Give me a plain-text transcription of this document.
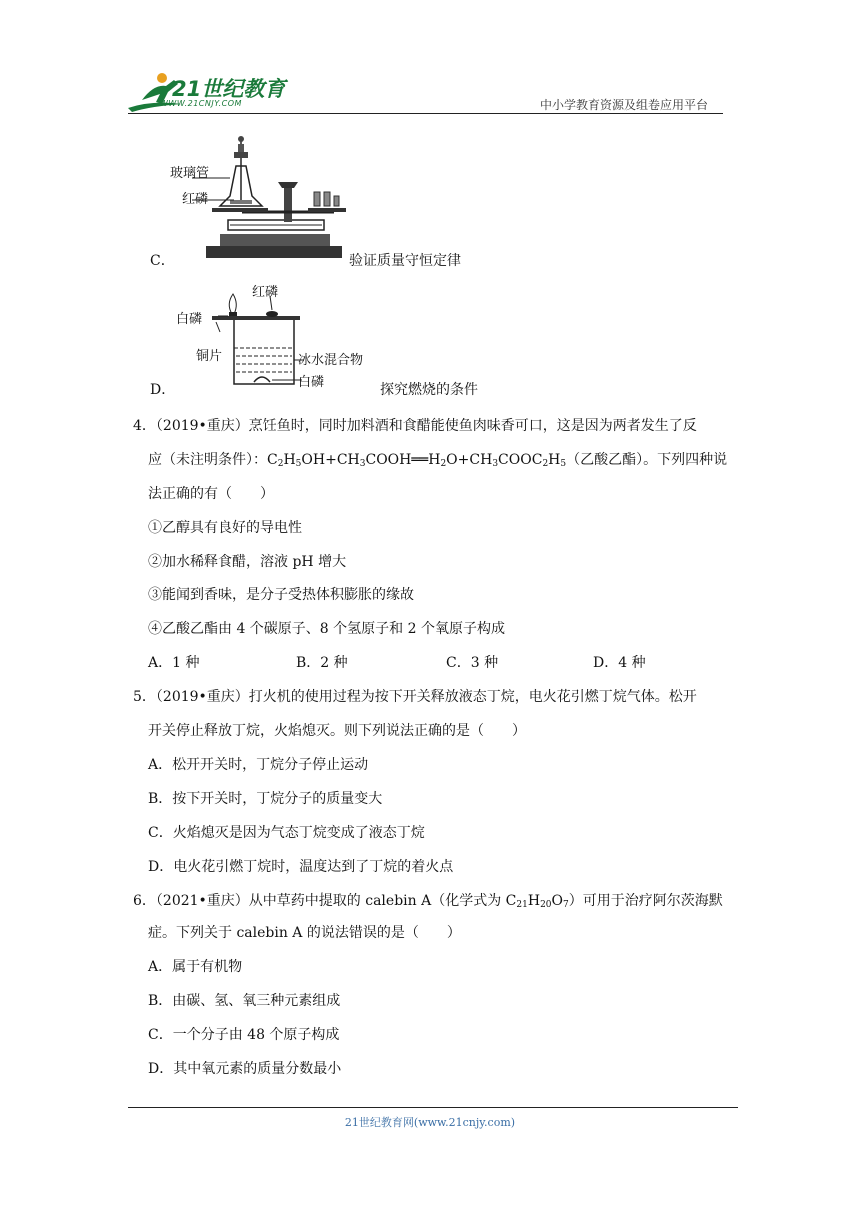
21世纪教育
WWW.21CNJY.COM	中小学教育资源及组卷应用平台
C．
玻璃管
红磷
验证质量守恒定律
D．
红磷
白磷
铜片	冰水混合物
白磷	探究燃烧的条件
4．（2019•重庆）烹饪鱼时，同时加料酒和食醋能使鱼肉味香可口，这是因为两者发生了反
应（未注明条件）：$C_2H_5OH+CH_3COOH══H_2O+CH_3COOC_2H_5$（乙酸乙酯）。下列四种说
法正确的有（　　）
①乙醇具有良好的导电性
②加水稀释食醋，溶液 pH 增大
③能闻到香味，是分子受热体积膨胀的缘故
④乙酸乙酯由 4 个碳原子、8 个氢原子和 2 个氧原子构成
A．1 种	B．2 种	C．3 种	D．4 种
5．（2019•重庆）打火机的使用过程为按下开关释放液态丁烷，电火花引燃丁烷气体。松开
开关停止释放丁烷，火焰熄灭。则下列说法正确的是（　　）
A．松开开关时，丁烷分子停止运动
B．按下开关时，丁烷分子的质量变大
C．火焰熄灭是因为气态丁烷变成了液态丁烷
D．电火花引燃丁烷时，温度达到了丁烷的着火点
6．（2021•重庆）从中草药中提取的 calebin A（化学式为 $C_{21}H_{20}O_7$）可用于治疗阿尔茨海默
症。下列关于 calebin A 的说法错误的是（　　）
A．属于有机物
B．由碳、氢、氧三种元素组成
C．一个分子由 48 个原子构成
D．其中氧元素的质量分数最小
21世纪教育网(www.21cnjy.com)
